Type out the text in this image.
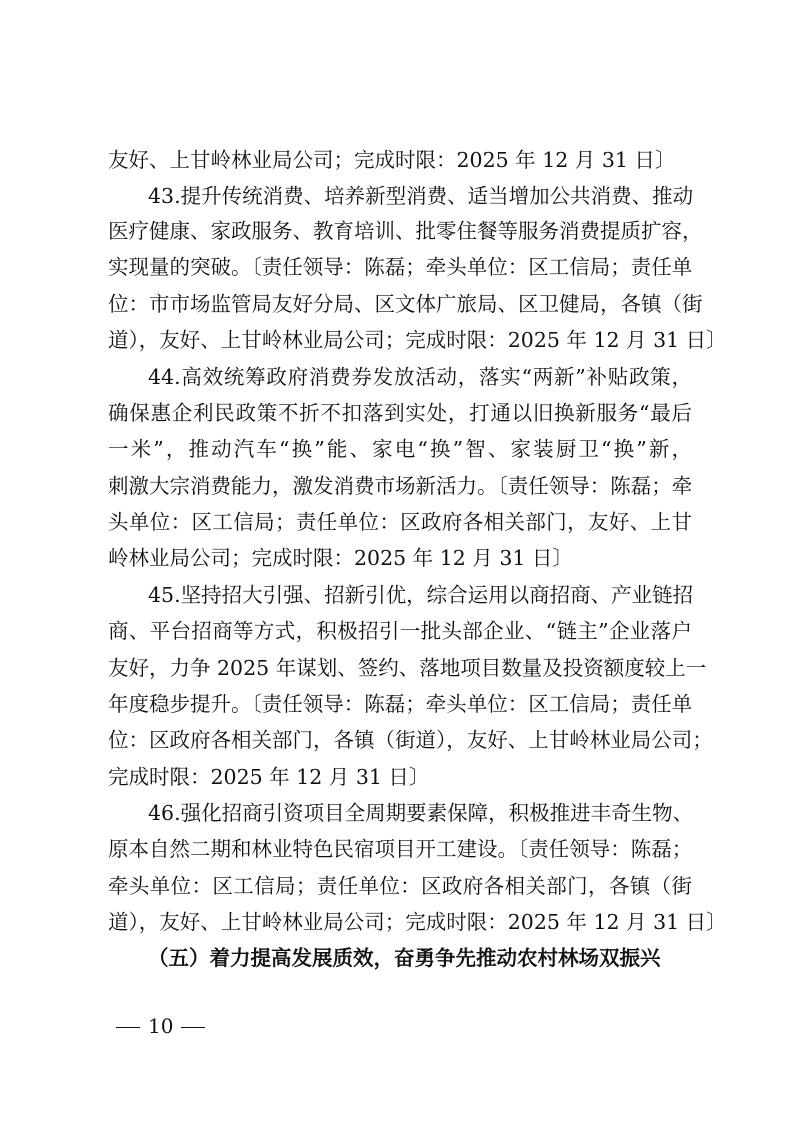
友好、上甘岭林业局公司；完成时限：2025 年 12 月 31 日〕
43.提升传统消费、培养新型消费、适当增加公共消费、推动
医疗健康、家政服务、教育培训、批零住餐等服务消费提质扩容，
实现量的突破。〔责任领导：陈磊；牵头单位：区工信局；责任单
位：市市场监管局友好分局、区文体广旅局、区卫健局，各镇（街
道），友好、上甘岭林业局公司；完成时限：2025 年 12 月 31 日〕
44.高效统筹政府消费券发放活动，落实“两新”补贴政策，
确保惠企利民政策不折不扣落到实处，打通以旧换新服务“最后
一米”，推动汽车“换”能、家电“换”智、家装厨卫“换”新，
刺激大宗消费能力，激发消费市场新活力。〔责任领导：陈磊；牵
头单位：区工信局；责任单位：区政府各相关部门，友好、上甘
岭林业局公司；完成时限：2025 年 12 月 31 日〕
45.坚持招大引强、招新引优，综合运用以商招商、产业链招
商、平台招商等方式，积极招引一批头部企业、“链主”企业落户
友好，力争 2025 年谋划、签约、落地项目数量及投资额度较上一
年度稳步提升。〔责任领导：陈磊；牵头单位：区工信局；责任单
位：区政府各相关部门，各镇（街道），友好、上甘岭林业局公司；
完成时限：2025 年 12 月 31 日〕
46.强化招商引资项目全周期要素保障，积极推进丰奇生物、
原本自然二期和林业特色民宿项目开工建设。〔责任领导：陈磊；
牵头单位：区工信局；责任单位：区政府各相关部门，各镇（街
道），友好、上甘岭林业局公司；完成时限：2025 年 12 月 31 日〕
（五）着力提高发展质效，奋勇争先推动农村林场双振兴
10
